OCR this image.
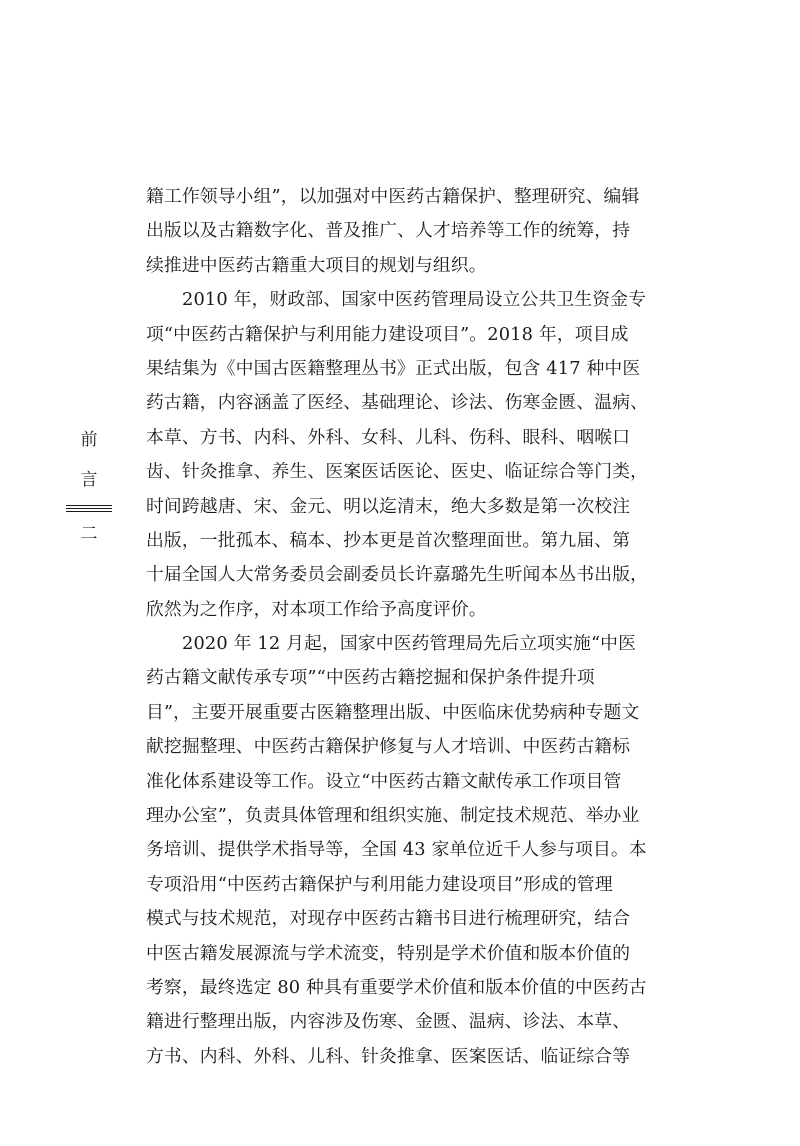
前
言
二
籍工作领导小组”，以加强对中医药古籍保护、整理研究、编辑
出版以及古籍数字化、普及推广、人才培养等工作的统筹，持
续推进中医药古籍重大项目的规划与组织。
2010 年，财政部、国家中医药管理局设立公共卫生资金专
项“中医药古籍保护与利用能力建设项目”。2018 年，项目成
果结集为《中国古医籍整理丛书》正式出版，包含 417 种中医
药古籍，内容涵盖了医经、基础理论、诊法、伤寒金匮、温病、
本草、方书、内科、外科、女科、儿科、伤科、眼科、咽喉口
齿、针灸推拿、养生、医案医话医论、医史、临证综合等门类，
时间跨越唐、宋、金元、明以迄清末，绝大多数是第一次校注
出版，一批孤本、稿本、抄本更是首次整理面世。第九届、第
十届全国人大常务委员会副委员长许嘉璐先生听闻本丛书出版，
欣然为之作序，对本项工作给予高度评价。
2020 年 12 月起，国家中医药管理局先后立项实施“中医
药古籍文献传承专项”“中医药古籍挖掘和保护条件提升项
目”，主要开展重要古医籍整理出版、中医临床优势病种专题文
献挖掘整理、中医药古籍保护修复与人才培训、中医药古籍标
准化体系建设等工作。设立“中医药古籍文献传承工作项目管
理办公室”，负责具体管理和组织实施、制定技术规范、举办业
务培训、提供学术指导等，全国 43 家单位近千人参与项目。本
专项沿用“中医药古籍保护与利用能力建设项目”形成的管理
模式与技术规范，对现存中医药古籍书目进行梳理研究，结合
中医古籍发展源流与学术流变，特别是学术价值和版本价值的
考察，最终选定 80 种具有重要学术价值和版本价值的中医药古
籍进行整理出版，内容涉及伤寒、金匮、温病、诊法、本草、
方书、内科、外科、儿科、针灸推拿、医案医话、临证综合等
